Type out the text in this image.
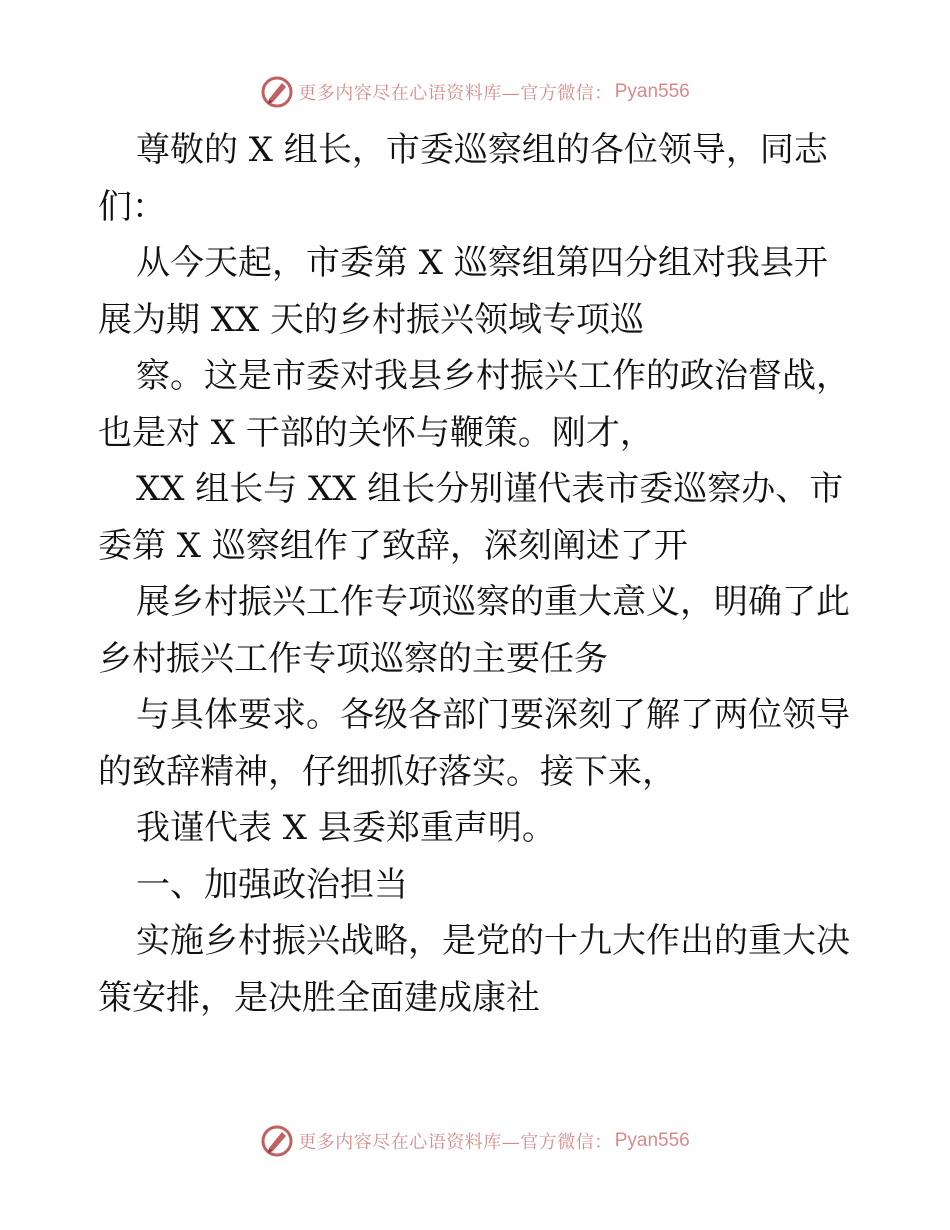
更多内容尽在心语资料库—官方微信： Pyan556

尊敬的 X 组长，市委巡察组的各位领导，同志
们：

从今天起，市委第 X 巡察组第四分组对我县开
展为期 XX 天的乡村振兴领域专项巡

察。这是市委对我县乡村振兴工作的政治督战，
也是对 X 干部的关怀与鞭策。刚才，

XX 组长与 XX 组长分别谨代表市委巡察办、市
委第 X 巡察组作了致辞，深刻阐述了开

展乡村振兴工作专项巡察的重大意义，明确了此
乡村振兴工作专项巡察的主要任务

与具体要求。各级各部门要深刻了解了两位领导
的致辞精神，仔细抓好落实。接下来，

我谨代表 X 县委郑重声明。

一、加强政治担当

实施乡村振兴战略，是党的十九大作出的重大决
策安排，是决胜全面建成康社

更多内容尽在心语资料库—官方微信： Pyan556
